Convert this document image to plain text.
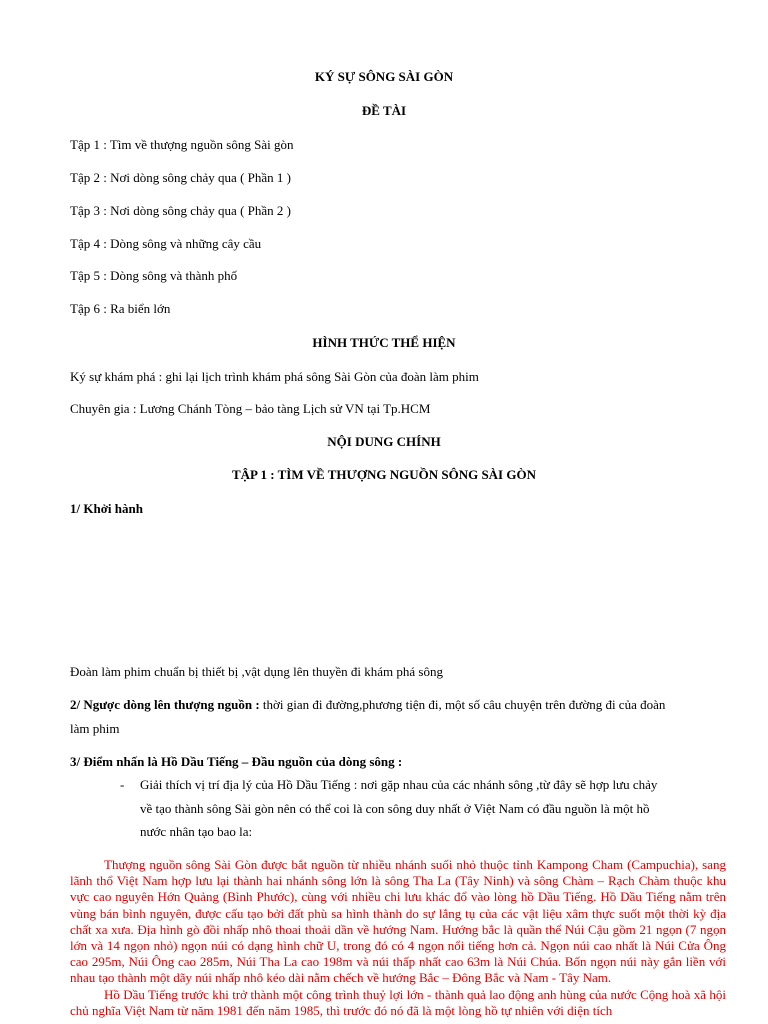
KÝ SỰ SÔNG SÀI GÒN
ĐỀ TÀI
Tập 1 : Tìm về thượng nguồn sông Sài gòn
Tập 2 : Nơi dòng sông chảy qua ( Phần 1 )
Tập 3 : Nơi dòng sông chảy qua ( Phần 2 )
Tập 4 : Dòng sông và những cây cầu
Tập 5 : Dòng sông và thành phố
Tập 6 : Ra biển lớn
HÌNH THỨC THỂ HIỆN
Ký sự khám phá : ghi lại lịch trình khám phá sông Sài Gòn của đoàn làm phim
Chuyên gia : Lương Chánh Tòng – bảo tàng Lịch sử VN tại Tp.HCM
NỘI DUNG CHÍNH
TẬP 1 : TÌM VỀ THƯỢNG NGUỒN SÔNG SÀI GÒN
1/ Khởi hành
Đoàn làm phim chuẩn bị thiết bị ,vật dụng lên thuyền đi khám phá sông
2/ Ngược dòng lên thượng nguồn : thời gian đi đường,phương tiện đi, một số câu chuyện trên đường đi của đoàn
làm phim
3/ Điểm nhấn là Hồ Dầu Tiếng – Đầu nguồn của dòng sông :
- Giải thích vị trí địa lý của Hồ Dầu Tiếng : nơi gặp nhau của các nhánh sông ,từ đây sẽ hợp lưu chảy
về tạo thành sông Sài gòn nên có thể coi là con sông duy nhất ở Việt Nam có đầu nguồn là một hồ
nước nhân tạo bao la:

Thượng nguồn sông Sài Gòn được bắt nguồn từ nhiều nhánh suối nhỏ thuộc tỉnh Kampong Cham (Campuchia), sang lãnh thổ Việt Nam hợp lưu lại thành hai nhánh sông lớn là sông Tha La (Tây Ninh) và sông Chàm – Rạch Chàm thuộc khu vực cao nguyên Hớn Quảng (Bình Phước), cùng với nhiều chi lưu khác đổ vào lòng hồ Dầu Tiếng. Hồ Dầu Tiếng nằm trên vùng bán bình nguyên, được cấu tạo bởi đất phù sa hình thành do sự lắng tụ của các vật liệu xâm thực suốt một thời kỳ địa chất xa xưa. Địa hình gò đồi nhấp nhô thoai thoải dần về hướng Nam. Hướng bắc là quần thể Núi Cậu gồm 21 ngọn (7 ngọn lớn và 14 ngọn nhỏ) ngọn núi có dạng hình chữ U, trong đó có 4 ngọn nổi tiếng hơn cả. Ngọn núi cao nhất là Núi Cửa Ông cao 295m, Núi Ông cao 285m, Núi Tha La cao 198m và núi thấp nhất cao 63m là Núi Chúa. Bốn ngọn núi này gắn liền với nhau tạo thành một dãy núi nhấp nhô kéo dài nằm chếch về hướng Bắc – Đông Bắc và Nam - Tây Nam.

Hồ Dầu Tiếng trước khi trở thành một công trình thuỷ lợi lớn - thành quả lao động anh hùng của nước Cộng hoà xã hội chủ nghĩa Việt Nam từ năm 1981 đến năm 1985, thì trước đó nó đã là một lòng hồ tự nhiên với diện tích
